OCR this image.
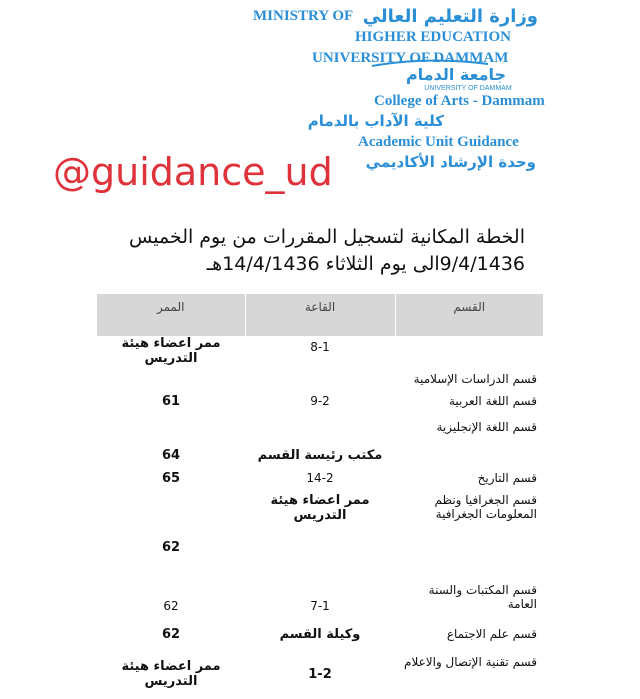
MINISTRY OF وزارة التعليم العالي
HIGHER EDUCATION
UNIVERSITY OF DAMMAM
جامعة الدمام
UNIVERSITY OF DAMMAM
College of Arts - Dammam
كلية الآداب بالدمام
Academic Unit Guidance
وحدة الإرشاد الأكاديمي
@guidance_ud
الخطة المكانية لتسجيل المقررات من يوم الخميس
9/4/1436الى يوم الثلاثاء 14/4/1436هـ
الممر	القاعة	القسم
ممر اعضاء هيئة التدريس	8-1	قسم الدراسات الإسلامية
61	9-2	قسم اللغة العربية
64	مكتب رئيسة القسم	قسم اللغة الإنجليزية
65	14-2	قسم التاريخ
62	ممر اعضاء هيئة التدريس	قسم الجغرافيا ونظم المعلومات الجغرافية
62	7-1	قسم المكتبات والسنة العامة
62	وكيلة القسم	قسم علم الاجتماع
ممر اعضاء هيئة التدريس	1-2	قسم تقنية الإتصال والاعلام
